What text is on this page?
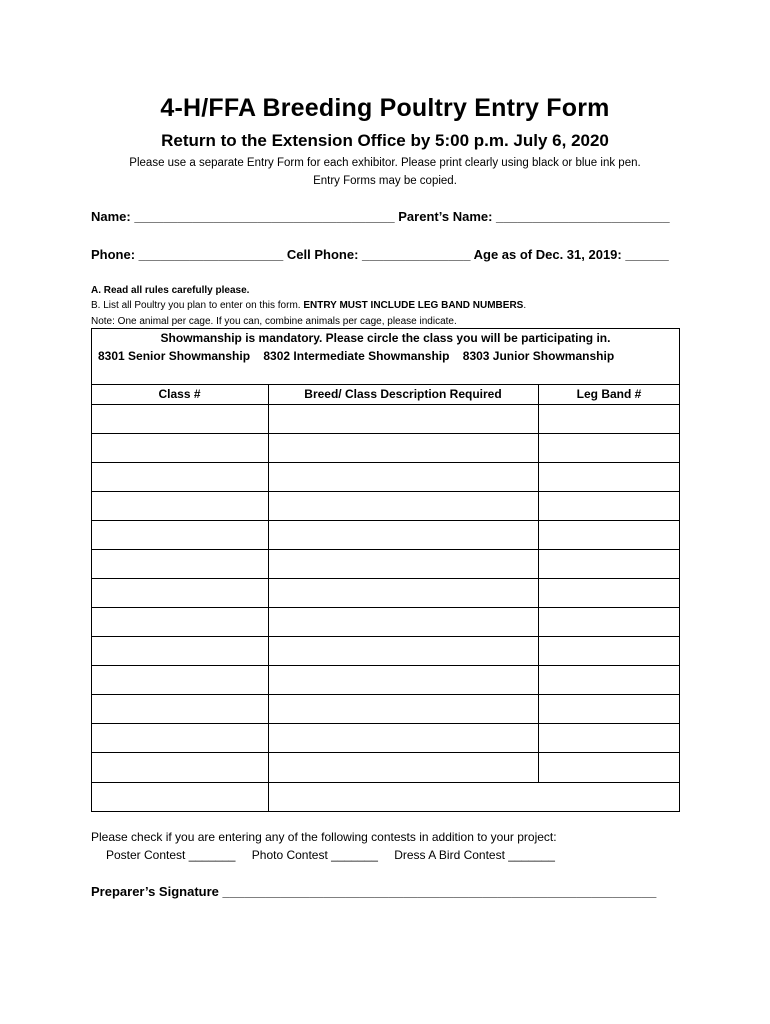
4-H/FFA Breeding Poultry Entry Form
Return to the Extension Office by 5:00 p.m. July 6, 2020
Please use a separate Entry Form for each exhibitor. Please print clearly using black or blue ink pen.
Entry Forms may be copied.
Name: ____________________________________ Parent’s Name: ________________________
Phone: ____________________ Cell Phone: _______________ Age as of Dec. 31, 2019: ______
A. Read all rules carefully please.
B. List all Poultry you plan to enter on this form. ENTRY MUST INCLUDE LEG BAND NUMBERS.
Note: One animal per cage. If you can, combine animals per cage, please indicate.
Showmanship is mandatory. Please circle the class you will be participating in.
8301 Senior Showmanship    8302 Intermediate Showmanship    8303 Junior Showmanship
Class #	Breed/ Class Description Required	Leg Band #
Please check if you are entering any of the following contests in addition to your project:
Poster Contest _______ Photo Contest _______ Dress A Bird Contest _______
Preparer’s Signature ____________________________________________________________
